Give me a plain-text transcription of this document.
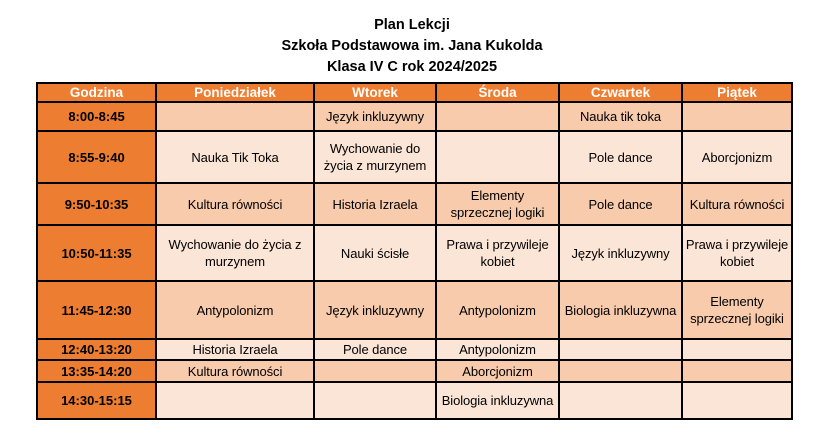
Plan Lekcji
Szkoła Podstawowa im. Jana Kukolda
Klasa IV C rok 2024/2025
Godzina	Poniedziałek	Wtorek	Środa	Czwartek	Piątek
8:00-8:45		Język inkluzywny		Nauka tik toka	
8:55-9:40	Nauka Tik Toka	Wychowanie do życia z murzynem		Pole dance	Aborcjonizm
9:50-10:35	Kultura równości	Historia Izraela	Elementy sprzecznej logiki	Pole dance	Kultura równości
10:50-11:35	Wychowanie do życia z murzynem	Nauki ścisłe	Prawa i przywileje kobiet	Język inkluzywny	Prawa i przywileje kobiet
11:45-12:30	Antypolonizm	Język inkluzywny	Antypolonizm	Biologia inkluzywna	Elementy sprzecznej logiki
12:40-13:20	Historia Izraela	Pole dance	Antypolonizm		
13:35-14:20	Kultura równości		Aborcjonizm		
14:30-15:15			Biologia inkluzywna		
